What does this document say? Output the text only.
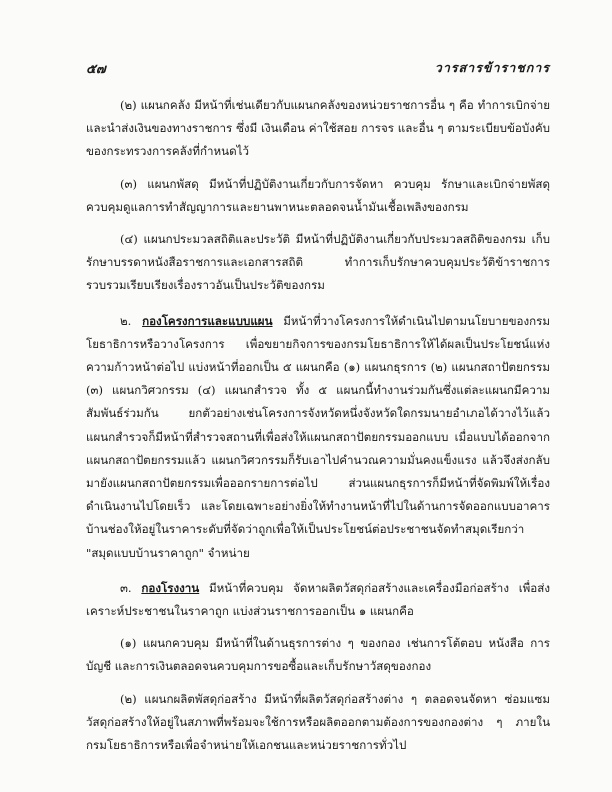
๕๗	วารสารข้าราชการ

(๒) แผนกคลัง มีหน้าที่เช่นเดียวกับแผนกคลังของหน่วยราชการอื่น ๆ คือ ทำการเบิกจ่ายและนำส่งเงินของทางราชการ ซึ่งมี เงินเดือน ค่าใช้สอย การจร และอื่น ๆ ตามระเบียบข้อบังคับของกระทรวงการคลังที่กำหนดไว้

(๓) แผนกพัสดุ มีหน้าที่ปฏิบัติงานเกี่ยวกับการจัดหา ควบคุม รักษาและเบิกจ่ายพัสดุ ควบคุมดูแลการทำสัญญาการและยานพาหนะตลอดจนน้ำมันเชื้อเพลิงของกรม

(๔) แผนกประมวลสถิติและประวัติ มีหน้าที่ปฏิบัติงานเกี่ยวกับประมวลสถิติของกรม เก็บรักษาบรรดาหนังสือราชการและเอกสารสถิติ ทำการเก็บรักษาควบคุมประวัติข้าราชการ รวบรวมเรียบเรียงเรื่องราวอันเป็นประวัติของกรม

๒. กองโครงการและแบบแผน มีหน้าที่วางโครงการให้ดำเนินไปตามนโยบายของกรมโยธาธิการหรือวางโครงการ เพื่อขยายกิจการของกรมโยธาธิการให้ได้ผลเป็นประโยชน์แห่งความก้าวหน้าต่อไป แบ่งหน้าที่ออกเป็น ๕ แผนกคือ (๑) แผนกธุรการ (๒) แผนกสถาปัตยกรรม (๓) แผนกวิศวกรรม (๔) แผนกสำรวจ ทั้ง ๕ แผนกนี้ทำงานร่วมกันซึ่งแต่ละแผนกมีความสัมพันธ์ร่วมกัน ยกตัวอย่างเช่นโครงการจังหวัดหนึ่งจังหวัดใดกรมนายอำเภอได้วางไว้แล้ว แผนกสำรวจก็มีหน้าที่สำรวจสถานที่เพื่อส่งให้แผนกสถาปัตยกรรมออกแบบ เมื่อแบบได้ออกจากแผนกสถาปัตยกรรมแล้ว แผนกวิศวกรรมก็รับเอาไปคำนวณความมั่นคงแข็งแรง แล้วจึงส่งกลับมายังแผนกสถาปัตยกรรมเพื่อออกรายการต่อไป ส่วนแผนกธุรการก็มีหน้าที่จัดพิมพ์ให้เรื่องดำเนินงานไปโดยเร็ว และโดยเฉพาะอย่างยิ่งให้ทำงานหน้าที่ไปในด้านการจัดออกแบบอาคารบ้านช่องให้อยู่ในราคาระดับที่จัดว่าถูกเพื่อให้เป็นประโยชน์ต่อประชาชนจัดทำสมุดเรียกว่า "สมุดแบบบ้านราคาถูก" จำหน่าย

๓. กองโรงงาน มีหน้าที่ควบคุม จัดหาผลิตวัสดุก่อสร้างและเครื่องมือก่อสร้าง เพื่อส่งเคราะห์ประชาชนในราคาถูก แบ่งส่วนราชการออกเป็น ๑ แผนกคือ

(๑) แผนกควบคุม มีหน้าที่ในด้านธุรการต่าง ๆ ของกอง เช่นการโต้ตอบ หนังสือ การบัญชี และการเงินตลอดจนควบคุมการขอซื้อและเก็บรักษาวัสดุของกอง

(๒) แผนกผลิตพัสดุก่อสร้าง มีหน้าที่ผลิตวัสดุก่อสร้างต่าง ๆ ตลอดจนจัดหา ซ่อมแซมวัสดุก่อสร้างให้อยู่ในสภาพที่พร้อมจะใช้การหรือผลิตออกตามต้องการของกองต่าง ๆ ภายในกรมโยธาธิการหรือเพื่อจำหน่ายให้เอกชนและหน่วยราชการทั่วไป
